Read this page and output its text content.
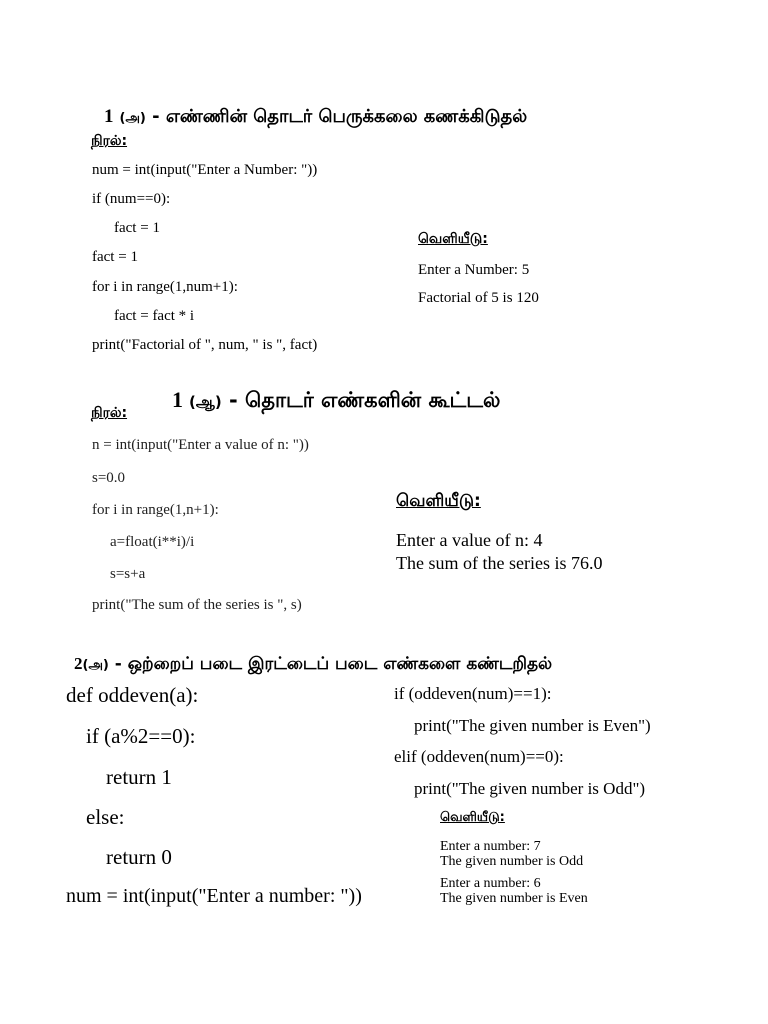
1 (அ) - எண்ணின் தொடர் பெருக்கலை கணக்கிடுதல்

நிரல்:
num = int(input("Enter a Number: "))
if (num==0):
fact = 1
fact = 1
for i in range(1,num+1):
fact = fact * i
print("Factorial of ", num, " is ", fact)
வெளியீடு:
Enter a Number: 5
Factorial of 5 is 120

1 (ஆ) - தொடர் எண்களின் கூட்டல்

நிரல்:
n = int(input("Enter a value of n: "))
s=0.0
for i in range(1,n+1):
a=float(i**i)/i
s=s+a
print("The sum of the series is ", s)
வெளியீடு:
Enter a value of n: 4
The sum of the series is 76.0

2(அ) - ஒற்றைப் படை இரட்டைப் படை எண்களை கண்டறிதல்

def oddeven(a):
if (a%2==0):
return 1
else:
return 0
num = int(input("Enter a number: "))
if (oddeven(num)==1):
print("The given number is Even")
elif (oddeven(num)==0):
print("The given number is Odd")
வெளியீடு:
Enter a number: 7
The given number is Odd
Enter a number: 6
The given number is Even
